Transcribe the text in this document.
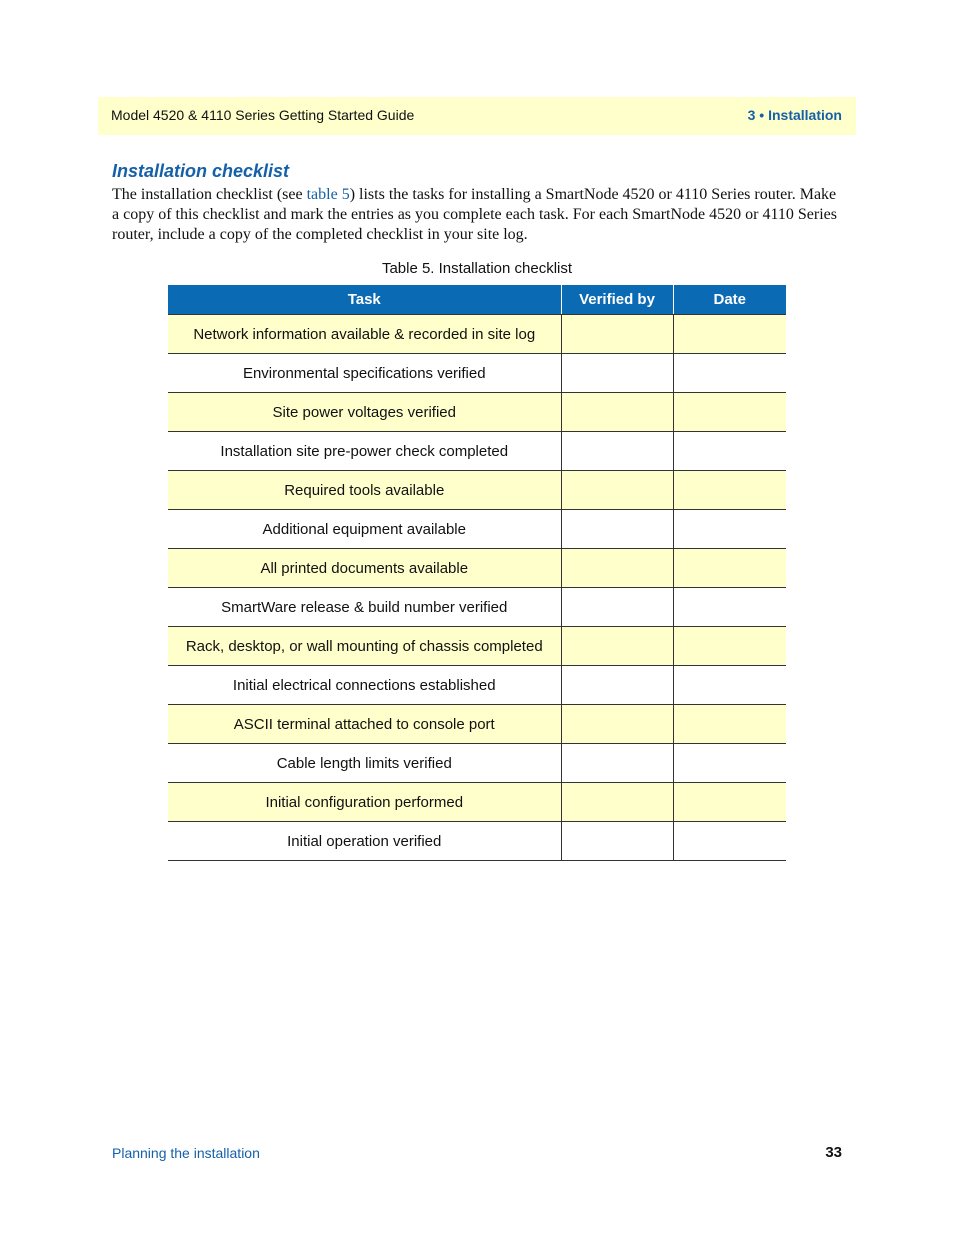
Model 4520 & 4110 Series Getting Started Guide	3 • Installation
Installation checklist
The installation checklist (see table 5) lists the tasks for installing a SmartNode 4520 or 4110 Series router. Make a copy of this checklist and mark the entries as you complete each task. For each SmartNode 4520 or 4110 Series router, include a copy of the completed checklist in your site log.
Table 5. Installation checklist
Task	Verified by	Date
Network information available & recorded in site log		
Environmental specifications verified		
Site power voltages verified		
Installation site pre-power check completed		
Required tools available		
Additional equipment available		
All printed documents available		
SmartWare release & build number verified		
Rack, desktop, or wall mounting of chassis completed		
Initial electrical connections established		
ASCII terminal attached to console port		
Cable length limits verified		
Initial configuration performed		
Initial operation verified		
Planning the installation	33
